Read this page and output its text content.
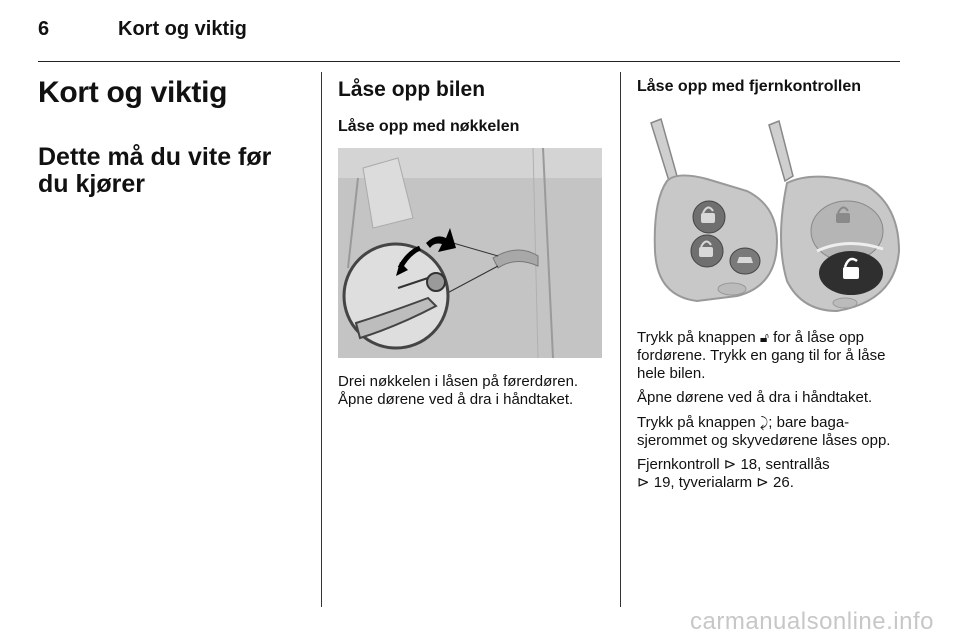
6	Kort og viktig
Kort og viktig
Dette må du vite før du kjører
Låse opp bilen
Låse opp med nøkkelen
Drei nøkkelen i låsen på førerdøren.
Åpne dørene ved å dra i håndtaket.
Låse opp med fjernkontrollen

Trykk på knappen 🔓︎ for å låse opp fordørene. Trykk en gang til for å låse hele bilen.

Åpne dørene ved å dra i håndtaket.

Trykk på knappen ⤸; bare bagasjerommet og skyvedørene låses opp.

Fjernkontroll ⊳ 18, sentrallås
⊳ 19, tyverialarm ⊳ 26.

carmanualsonline.info
